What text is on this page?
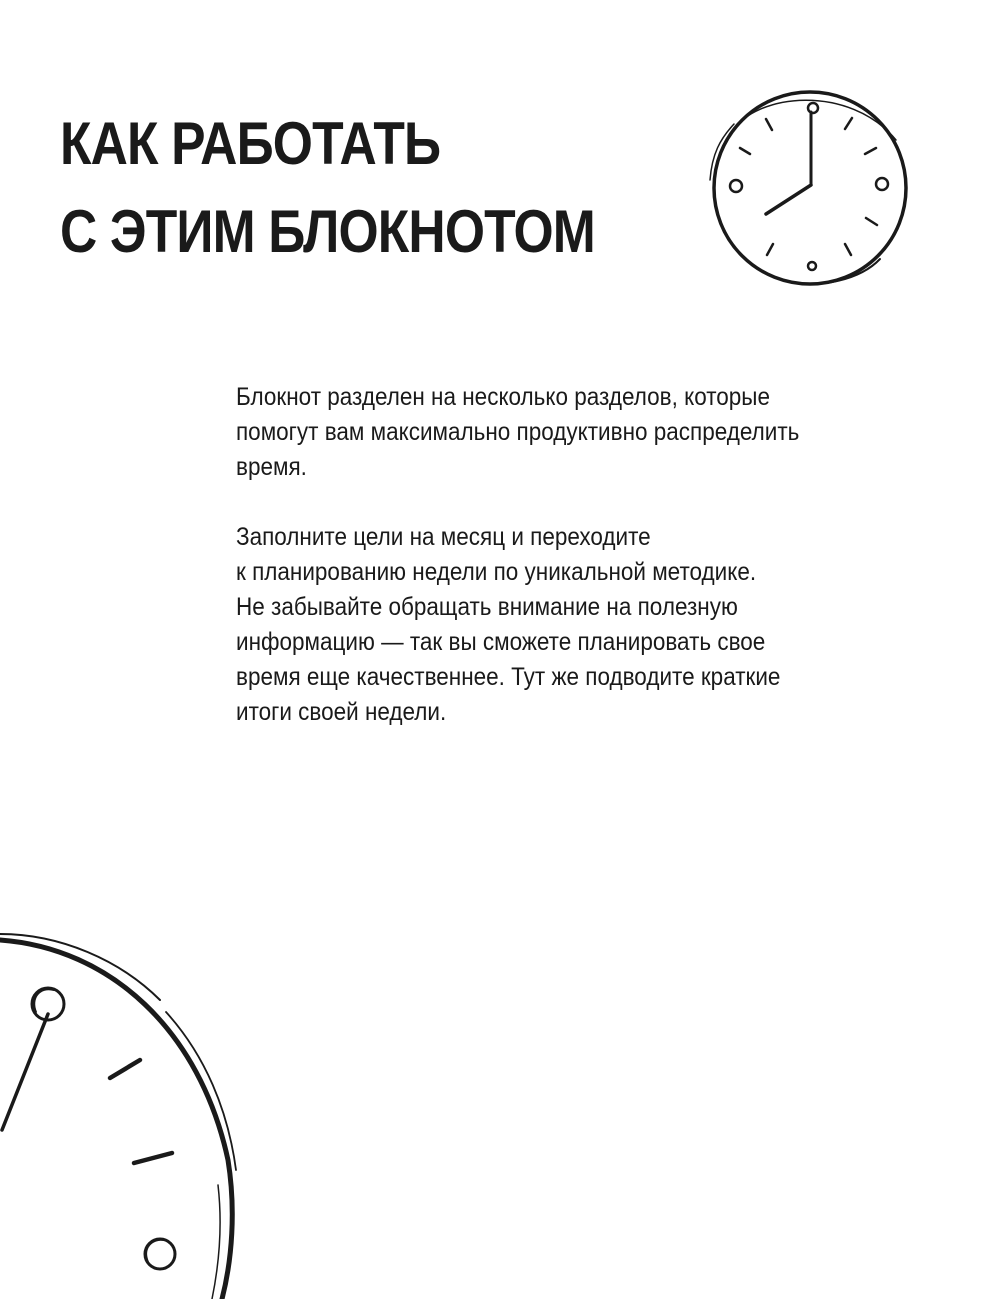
КАК РАБОТАТЬ
С ЭТИМ БЛОКНОТОМ

Блокнот разделен на несколько разделов, которые
помогут вам максимально продуктивно распределить
время.

Заполните цели на месяц и переходите
к планированию недели по уникальной методике.
Не забывайте обращать внимание на полезную
информацию — так вы сможете планировать свое
время еще качественнее. Тут же подводите краткие
итоги своей недели.
